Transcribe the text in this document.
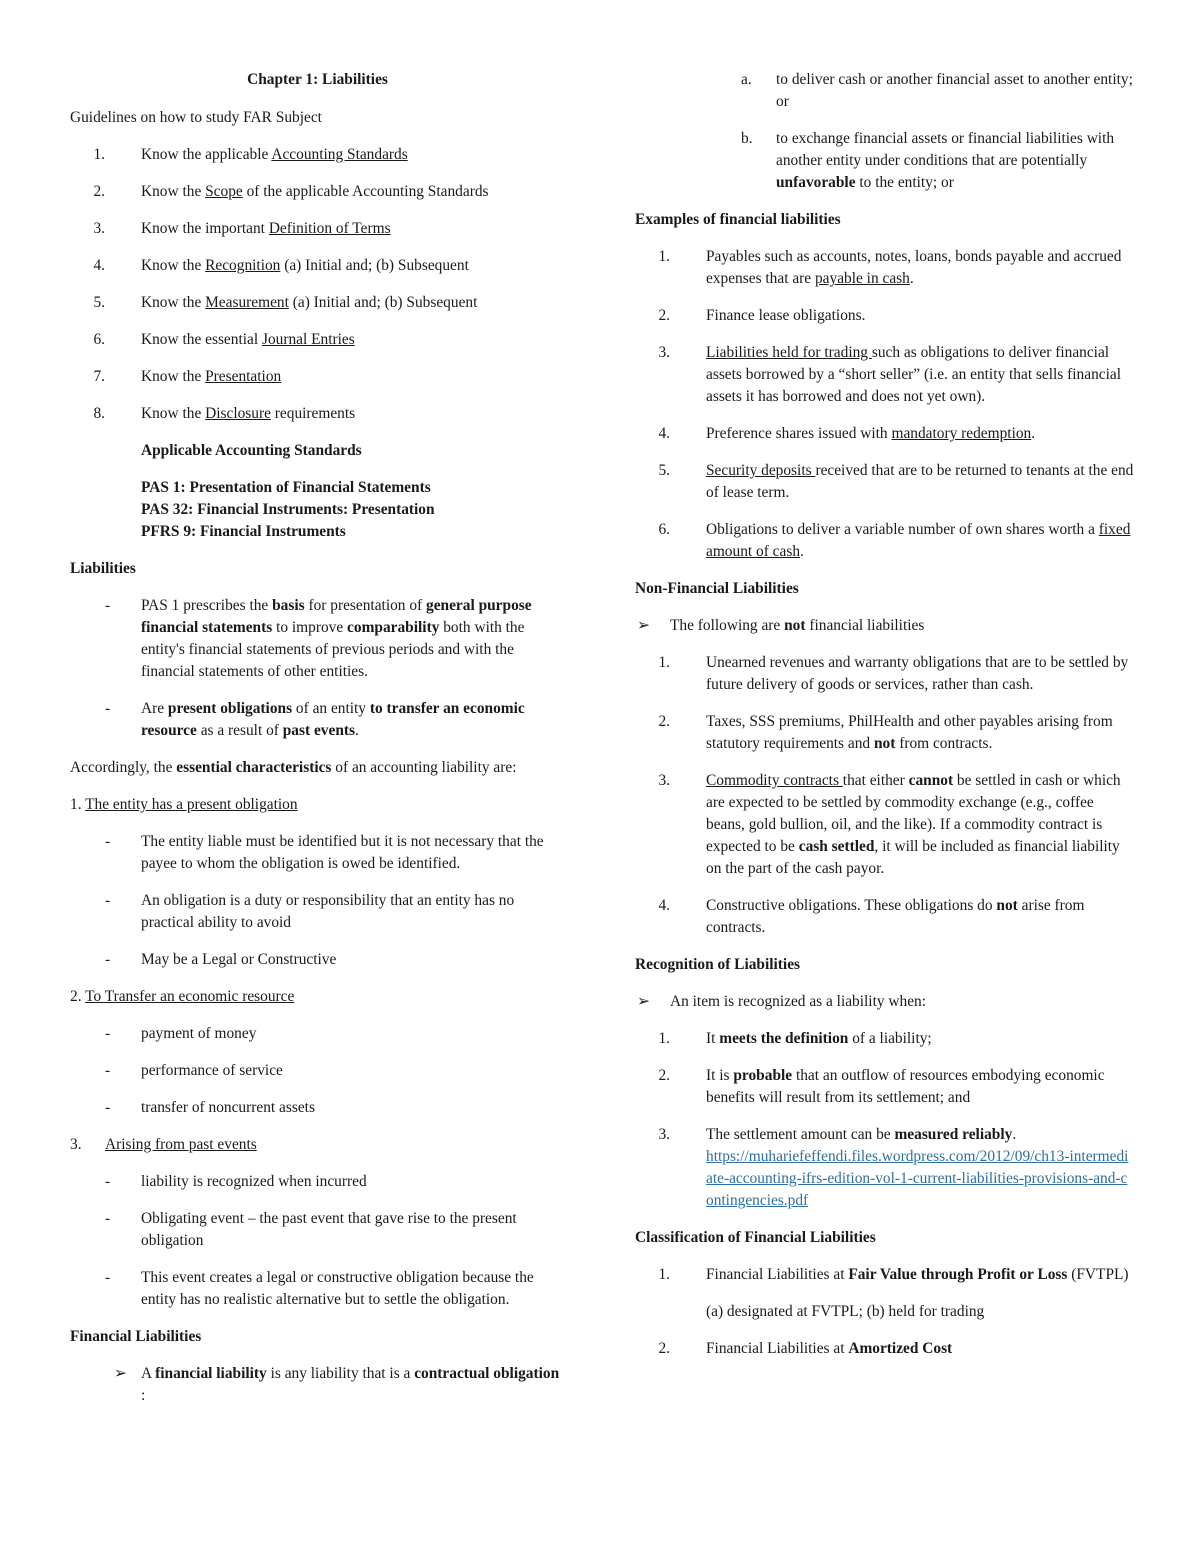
Chapter 1: Liabilities
Guidelines on how to study FAR Subject
1.	Know the applicable Accounting Standards
2.	Know the Scope of the applicable Accounting Standards
3.	Know the important Definition of Terms
4.	Know the Recognition (a) Initial and; (b) Subsequent
5.	Know the Measurement (a) Initial and; (b) Subsequent
6.	Know the essential Journal Entries
7.	Know the Presentation
8.	Know the Disclosure requirements
Applicable Accounting Standards
PAS 1: Presentation of Financial Statements
PAS 32: Financial Instruments: Presentation
PFRS 9: Financial Instruments
Liabilities
-	PAS 1 prescribes the basis for presentation of general purpose financial statements to improve comparability both with the entity's financial statements of previous periods and with the financial statements of other entities.
-	Are present obligations of an entity to transfer an economic resource as a result of past events.
Accordingly, the essential characteristics of an accounting liability are:
1. The entity has a present obligation
-	The entity liable must be identified but it is not necessary that the payee to whom the obligation is owed be identified.
-	An obligation is a duty or responsibility that an entity has no practical ability to avoid
-	May be a Legal or Constructive
2. To Transfer an economic resource
-	payment of money
-	performance of service
-	transfer of noncurrent assets
3.	Arising from past events
-	liability is recognized when incurred
-	Obligating event – the past event that gave rise to the present obligation
-	This event creates a legal or constructive obligation because the entity has no realistic alternative but to settle the obligation.
Financial Liabilities
➢ A financial liability is any liability that is a contractual obligation :
a.	to deliver cash or another financial asset to another entity; or
b.	to exchange financial assets or financial liabilities with another entity under conditions that are potentially unfavorable to the entity; or
Examples of financial liabilities
1.	Payables such as accounts, notes, loans, bonds payable and accrued expenses that are payable in cash.
2.	Finance lease obligations.
3.	Liabilities held for trading such as obligations to deliver financial assets borrowed by a “short seller” (i.e. an entity that sells financial assets it has borrowed and does not yet own).
4.	Preference shares issued with mandatory redemption.
5.	Security deposits received that are to be returned to tenants at the end of lease term.
6.	Obligations to deliver a variable number of own shares worth a fixed amount of cash.
Non-Financial Liabilities
➢	The following are not financial liabilities
1.	Unearned revenues and warranty obligations that are to be settled by future delivery of goods or services, rather than cash.
2.	Taxes, SSS premiums, PhilHealth and other payables arising from statutory requirements and not from contracts.
3.	Commodity contracts that either cannot be settled in cash or which are expected to be settled by commodity exchange (e.g., coffee beans, gold bullion, oil, and the like). If a commodity contract is expected to be cash settled, it will be included as financial liability on the part of the cash payor.
4.	Constructive obligations. These obligations do not arise from contracts.
Recognition of Liabilities
➢	An item is recognized as a liability when:
1.	It meets the definition of a liability;
2.	It is probable that an outflow of resources embodying economic benefits will result from its settlement; and
3.	The settlement amount can be measured reliably.
https://muhariefeffendi.files.wordpress.com/2012/09/ch13-intermediate-accounting-ifrs-edition-vol-1-current-liabilities-provisions-and-contingencies.pdf
Classification of Financial Liabilities
1.	Financial Liabilities at Fair Value through Profit or Loss (FVTPL)
(a) designated at FVTPL; (b) held for trading
2.	Financial Liabilities at Amortized Cost
